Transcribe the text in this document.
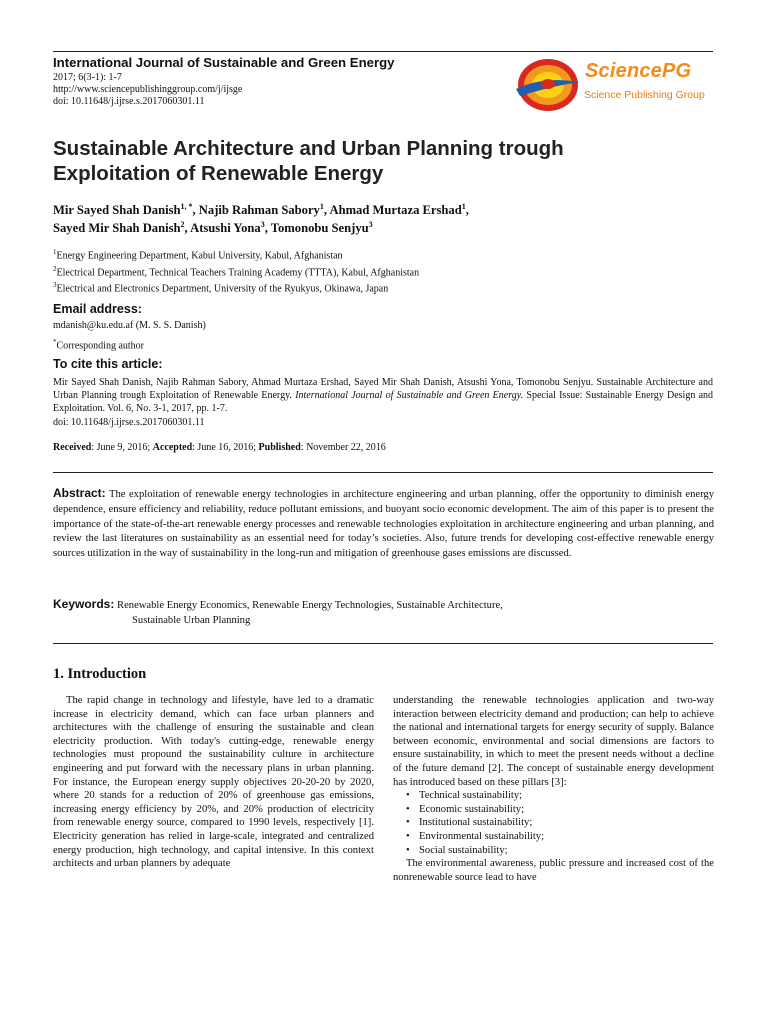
International Journal of Sustainable and Green Energy
2017; 6(3-1): 1-7
http://www.sciencepublishinggroup.com/j/ijsge
doi: 10.11648/j.ijrse.s.2017060301.11
SciencePG
Science Publishing Group
Sustainable Architecture and Urban Planning trough
Exploitation of Renewable Energy
Mir Sayed Shah Danish$^{1, *}$, Najib Rahman Sabory$^1$, Ahmad Murtaza Ershad$^1$,
Sayed Mir Shah Danish$^2$, Atsushi Yona$^3$, Tomonobu Senjyu$^3$
$^1$Energy Engineering Department, Kabul University, Kabul, Afghanistan
$^2$Electrical Department, Technical Teachers Training Academy (TTTA), Kabul, Afghanistan
$^3$Electrical and Electronics Department, University of the Ryukyus, Okinawa, Japan
Email address:
mdanish@ku.edu.af (M. S. S. Danish)
*Corresponding author
To cite this article:
Mir Sayed Shah Danish, Najib Rahman Sabory, Ahmad Murtaza Ershad, Sayed Mir Shah Danish, Atsushi Yona, Tomonobu Senjyu. Sustainable Architecture and Urban Planning trough Exploitation of Renewable Energy. International Journal of Sustainable and Green Energy. Special Issue: Sustainable Energy Design and Exploitation. Vol. 6, No. 3-1, 2017, pp. 1-7.
doi: 10.11648/j.ijrse.s.2017060301.11
Received: June 9, 2016; Accepted: June 16, 2016; Published: November 22, 2016
Abstract: The exploitation of renewable energy technologies in architecture engineering and urban planning, offer the opportunity to diminish energy dependence, ensure efficiency and reliability, reduce pollutant emissions, and buoyant socio economic development. The aim of this paper is to present the importance of the state-of-the-art renewable energy processes and renewable technologies exploitation in architecture engineering and urban planning, and review the last literatures on sustainability as an essential need for today’s societies. Also, future trends for developing cost-effective renewable energy sources utilization in the way of sustainability in the long-run and mitigation of greenhouse gases emissions are discussed.
Keywords: Renewable Energy Economics, Renewable Energy Technologies, Sustainable Architecture,
Sustainable Urban Planning
1. Introduction

The rapid change in technology and lifestyle, have led to a dramatic increase in electricity demand, which can face urban planners and architectures with the challenge of ensuring the sustainable and clean electricity production. With today's cutting-edge, renewable energy technologies must propound the sustainability culture in architecture engineering and put forward with the necessary plans in urban planning. For instance, the European energy supply objectives 20-20-20 by 2020, where 20 stands for a reduction of 20% of greenhouse gas emissions, increasing energy efficiency by 20%, and 20% production of electricity from renewable energy source, compared to 1990 levels, respectively [1]. Electricity generation has relied in large-scale, integrated and centralized energy production, high technology, and capital intensive. In this context architects and urban planners by adequate

understanding the renewable technologies application and two-way interaction between electricity demand and production; can help to achieve the national and international targets for energy security of supply. Balance between economic, environmental and social dimensions are factors to ensure sustainability, in which to meet the present needs without a decline of the future demand [2]. The concept of sustainable energy development has introduced based on these pillars [3]:

• Technical sustainability;
• Economic sustainability;
• Institutional sustainability;
• Environmental sustainability;
• Social sustainability;

The environmental awareness, public pressure and increased cost of the nonrenewable source lead to have
